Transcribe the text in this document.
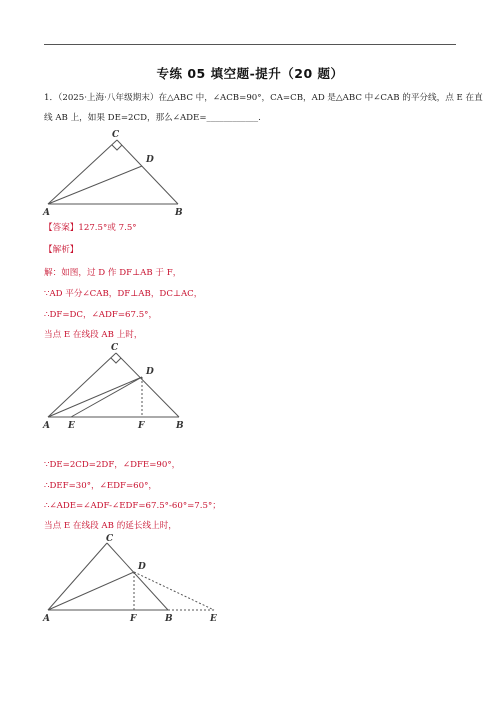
专练 05 填空题-提升（20 题）
1．（2025·上海·八年级期末）在△ABC 中，∠ACB=90°，CA=CB，AD 是△ABC 中∠CAB 的平分线，点 E 在直
线 AB 上，如果 DE=2CD，那么∠ADE=____________.
C
D
A	B
【答案】127.5°或 7.5°
【解析】
解：如图，过 D 作 DF⊥AB 于 F，
∵AD 平分∠CAB，DF⊥AB，DC⊥AC，
∴DF=DC，∠ADF=67.5°，
当点 E 在线段 AB 上时，
C
D
A E	F	B
∵DE=2CD=2DF，∠DFE=90°，
∴DEF=30°，∠EDF=60°，
∴∠ADE=∠ADF-∠EDF=67.5°-60°=7.5°；
当点 E 在线段 AB 的延长线上时，
C
D
A	F	B	E
